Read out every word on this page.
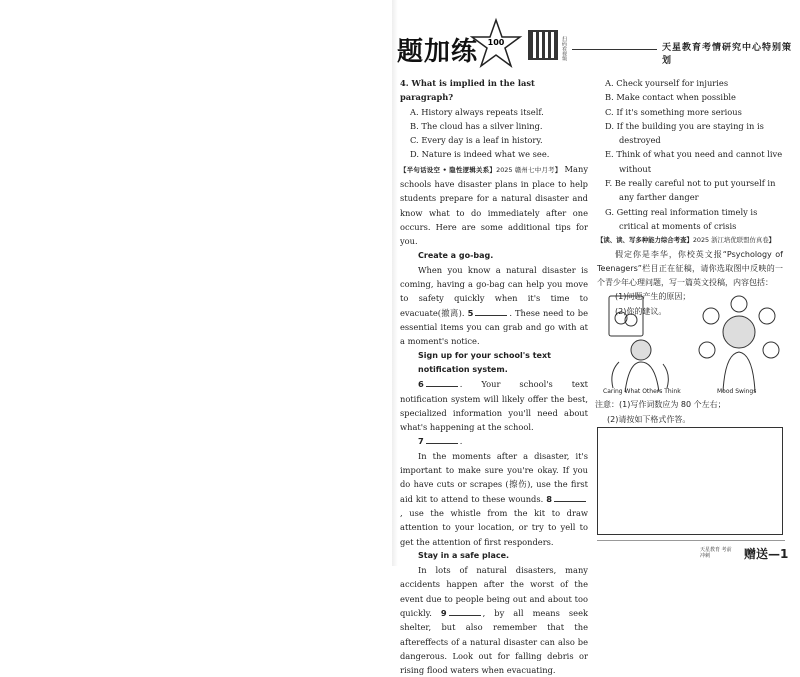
题加练 100	扫码看视频	天星教育考情研究中心特别策划
4. What is implied in the last paragraph?
A. History always repeats itself.
B. The cloud has a silver lining.
C. Every day is a leaf in history.
D. Nature is indeed what we see.
【半句话设空 • 隐性逻辑关系】2025 赣州七中月考】 Many schools have disaster plans in place to help students prepare for a natural disaster and know what to do immediately after one occurs. Here are some additional tips for you.
Create a go-bag.
When you know a natural disaster is coming, having a go-bag can help you move to safety quickly when it's time to evacuate(撤离). 5	. These need to be essential items you can grab and go with at a moment's notice.
Sign up for your school's text notification system.
6	. Your school's text notification system will likely offer the best, specialized information you'll need about what's happening at the school.
7	.
In the moments after a disaster, it's important to make sure you're okay. If you do have cuts or scrapes (擦伤), use the first aid kit to attend to these wounds. 8, use the whistle from the kit to draw attention to your location, or try to yell to get the attention of first responders.
Stay in a safe place.
In lots of natural disasters, many accidents happen after the worst of the event due to people being out and about too quickly. 9	, by all means seek shelter, but also remember that the aftereffects of a natural disaster can also be dangerous. Look out for falling debris or rising flood waters when evacuating.
A. Check yourself for injuries
B. Make contact when possible
C. If it's something more serious
D. If the building you are staying in is destroyed
E. Think of what you need and cannot live without
F. Be really careful not to put yourself in any farther danger
G. Getting real information timely is critical at moments of crisis
【读、读、写多种能力综合考查】2025 浙江培优联盟仿真卷】
假定你是李华，你校英文报“Psychology of Teenagers”栏目正在征稿，请你选取图中反映的一个青少年心理问题，写一篇英文投稿，内容包括：
(1)问题产生的原因；
(2)你的建议。
Caring What Others Think	Mood Swings
注意：(1)写作词数应为 80 个左右；
(2)请按如下格式作答。
天星教育 考前冲刺	赠送—1
